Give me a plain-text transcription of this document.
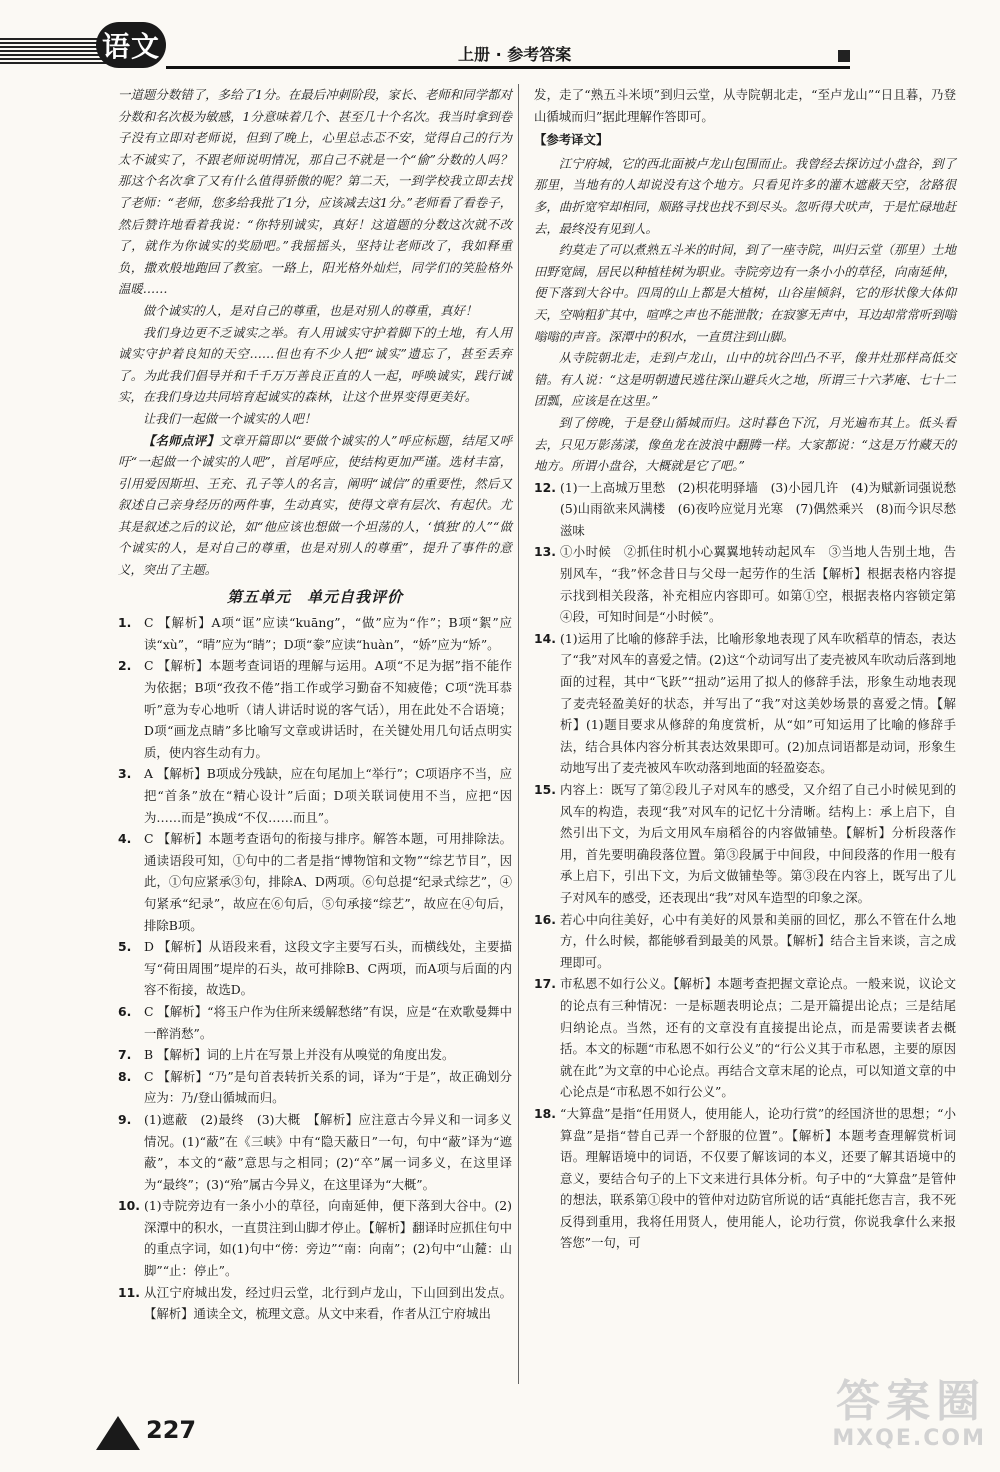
语文	上册 · 参考答案

一道题分数错了，多给了1分。在最后冲刺阶段，家长、老师和同学都对分数和名次极为敏感，1分意味着几个、甚至几十个名次。我当时拿到卷子没有立即对老师说，但到了晚上，心里总忐忑不安，觉得自己的行为太不诚实了，不跟老师说明情况，那自己不就是一个“偷”分数的人吗？ 那这个名次拿了又有什么值得骄傲的呢？第二天，一到学校我立即去找了老师：“老师，您多给我批了1分，应该减去这1分。”老师看了看卷子，然后赞许地看着我说：“你特别诚实，真好！这道题的分数这次就不改了，就作为你诚实的奖励吧。”我摇摇头，坚持让老师改了，我如释重负，撒欢般地跑回了教室。一路上，阳光格外灿烂，同学们的笑脸格外温暖……

做个诚实的人，是对自己的尊重，也是对别人的尊重，真好！

我们身边更不乏诚实之举。有人用诚实守护着脚下的土地，有人用诚实守护着良知的天空……但也有不少人把“诚实”遗忘了，甚至丢弃了。为此我们倡导并和千千万万善良正直的人一起，呼唤诚实，践行诚实，在我们身边共同培育起诚实的森林，让这个世界变得更美好。

让我们一起做一个诚实的人吧！

【名师点评】文章开篇即以“要做个诚实的人”呼应标题，结尾又呼吁“一起做一个诚实的人吧”，首尾呼应，使结构更加严谨。选材丰富，引用爱因斯坦、王充、孔子等人的名言，阐明“诚信”的重要性，然后又叙述自己亲身经历的两件事，生动真实，使得文章有层次、有起伏。尤其是叙述之后的议论，如“他应该也想做一个坦荡的人，‘慎独’的人”“做个诚实的人，是对自己的尊重，也是对别人的尊重”，提升了事件的意义，突出了主题。

第五单元　单元自我评价
1.	C 【解析】A项“诓”应读“kuāng”，“做”应为“作”；B项“絮”应读“xù”，“晴”应为“睛”；D项“豢”应读“huàn”，“娇”应为“矫”。
2.	C 【解析】本题考查词语的理解与运用。A项“不足为据”指不能作为依据；B项“孜孜不倦”指工作或学习勤奋不知疲倦；C项“洗耳恭听”意为专心地听（请人讲话时说的客气话），用在此处不合语境；D项“画龙点睛”多比喻写文章或讲话时，在关键处用几句话点明实质，使内容生动有力。
3.	A 【解析】B项成分残缺，应在句尾加上“举行”；C项语序不当，应把“首条”放在“精心设计”后面；D项关联词使用不当，应把“因为……而是”换成“不仅……而且”。
4.	C 【解析】本题考查语句的衔接与排序。解答本题，可用排除法。通读语段可知，①句中的二者是指“博物馆和文物”“综艺节目”，因此，①句应紧承③句，排除A、D两项。⑥句总提“纪录式综艺”，④句紧承“纪录”，故应在⑥句后，⑤句承接“综艺”，故应在④句后，排除B项。
5.	D 【解析】从语段来看，这段文字主要写石头，而横线处，主要描写“荷田周围”堤岸的石头，故可排除B、C两项，而A项与后面的内容不衔接，故选D。
6.	C 【解析】“将玉户作为住所来缓解愁绪”有误，应是“在欢歌曼舞中一醉消愁”。
7.	B 【解析】词的上片在写景上并没有从嗅觉的角度出发。
8.	C 【解析】“乃”是句首表转折关系的词，译为“于是”，故正确划分应为：乃/登山循城而归。
9.	(1)遮蔽　(2)最终　(3)大概　【解析】应注意古今异义和一词多义情况。(1)“蔽”在《三峡》中有“隐天蔽日”一句，句中“蔽”译为“遮蔽”，本文的“蔽”意思与之相同；(2)“卒”属一词多义，在这里译为“最终”；(3)“殆”属古今异义，在这里译为“大概”。
10. (1)寺院旁边有一条小小的草径，向南延伸，便下落到大谷中。(2)深潭中的积水，一直贯注到山脚才停止。【解析】翻译时应抓住句中的重点字词，如(1)句中“傍：旁边”“南：向南”；(2)句中“山麓：山脚”“止：停止”。
11. 从江宁府城出发，经过归云堂，北行到卢龙山，下山回到出发点。【解析】通读全文，梳理文意。从文中来看，作者从江宁府城出

发，走了“熟五斗米顷”到归云堂，从寺院朝北走，“至卢龙山”“日且暮，乃登山循城而归”据此理解作答即可。

【参考译文】

江宁府城，它的西北面被卢龙山包围而止。我曾经去探访过小盘谷，到了那里，当地有的人却说没有这个地方。只看见许多的灌木遮蔽天空，岔路很多，曲折宽窄却相同，顺路寻找也找不到尽头。忽听得犬吠声，于是忙碌地赶去，最终没有见到人。

约莫走了可以煮熟五斗米的时间，到了一座寺院，叫归云堂（那里）土地田野宽阔，居民以种植桂树为职业。寺院旁边有一条小小的草径，向南延伸，便下落到大谷中。四周的山上都是大植树，山谷崖倾斜，它的形状像大体仰天，空响粗犷其中，喧哗之声也不能泄散；在寂寥无声中，耳边却常常听到嗡嗡嗡的声音。深潭中的积水，一直贯注到山脚。

从寺院朝北走，走到卢龙山，山中的坑谷凹凸不平，像井灶那样高低交错。有人说：“这是明朝遗民逃往深山避兵火之地，所谓三十六茅庵、七十二团瓢，应该是在这里。”

到了傍晚，于是登山循城而归。这时暮色下沉，月光遍布其上。低头看去，只见万影荡漾，像鱼龙在波浪中翻腾一样。大家都说：“这是万竹藏天的地方。所谓小盘谷，大概就是它了吧。”

12. (1)一上高城万里愁　(2)枳花明驿墙　(3)小园几许　(4)为赋新词强说愁　(5)山雨欲来风满楼　(6)夜吟应觉月光寒　(7)偶然乘兴　(8)而今识尽愁滋味
13. ①小时候　②抓住时机小心翼翼地转动起风车　③当地人告别土地，告别风车，“我”怀念昔日与父母一起劳作的生活【解析】根据表格内容提示找到相关段落，补充相应内容即可。如第①空，根据表格内容锁定第④段，可知时间是“小时候”。
14. (1)运用了比喻的修辞手法，比喻形象地表现了风车吹稻草的情态，表达了“我”对风车的喜爱之情。(2)这“个动词写出了麦壳被风车吹动后落到地面的过程，其中“飞跃”“扭动”运用了拟人的修辞手法，形象生动地表现了麦壳轻盈美好的状态，并写出了“我”对这美妙场景的喜爱之情。【解析】(1)题目要求从修辞的角度赏析，从“如”可知运用了比喻的修辞手法，结合具体内容分析其表达效果即可。(2)加点词语都是动词，形象生动地写出了麦壳被风车吹动落到地面的轻盈姿态。
15. 内容上：既写了第②段儿子对风车的感受，又介绍了自己小时候见到的风车的构造，表现“我”对风车的记忆十分清晰。结构上：承上启下，自然引出下文，为后文用风车扇稻谷的内容做铺垫。【解析】分析段落作用，首先要明确段落位置。第③段属于中间段，中间段落的作用一般有承上启下，引出下文，为后文做铺垫等。第③段在内容上，既写出了儿子对风车的感受，还表现出“我”对风车造型的印象之深。
16. 若心中向往美好，心中有美好的风景和美丽的回忆，那么不管在什么地方，什么时候，都能够看到最美的风景。【解析】结合主旨来谈，言之成理即可。
17. 市私恩不如行公义。【解析】本题考查把握文章论点。一般来说，议论文的论点有三种情况：一是标题表明论点；二是开篇提出论点；三是结尾归纳论点。当然，还有的文章没有直接提出论点，而是需要读者去概括。本文的标题“市私恩不如行公义”的“行公义其于市私恩，主要的原因就在此”为文章的中心论点。再结合文章末尾的论点，可以知道文章的中心论点是“市私恩不如行公义”。
18. “大算盘”是指“任用贤人，使用能人，论功行赏”的经国济世的思想；“小算盘”是指“替自己弄一个舒服的位置”。【解析】本题考查理解赏析词语。理解语境中的词语，不仅要了解该词的本义，还要了解其语境中的意义，要结合句子的上下文来进行具体分析。句子中的“大算盘”是管仲的想法，联系第①段中的管仲对边防官所说的话“真能托您吉言，我不死反得到重用，我将任用贤人，使用能人，论功行赏，你说我拿什么来报答您”一句，可
227
答案圈
MXQE.COM
